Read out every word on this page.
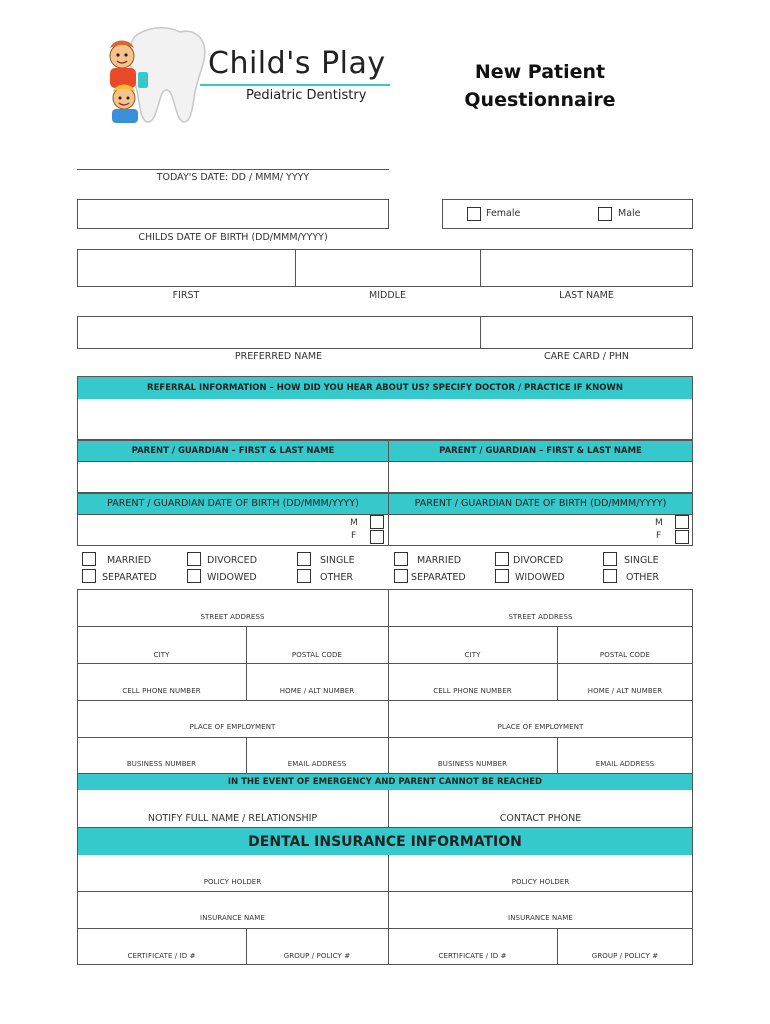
Child's Play
Pediatric Dentistry
New Patient
Questionnaire
TODAY'S DATE: DD / MMM/ YYYY
CHILDS DATE OF BIRTH (DD/MMM/YYYY)
Female	Male
FIRST	MIDDLE	LAST NAME
PREFERRED NAME	CARE CARD / PHN
REFERRAL INFORMATION – HOW DID YOU HEAR ABOUT US? SPECIFY DOCTOR / PRACTICE IF KNOWN
PARENT / GUARDIAN – FIRST & LAST NAME	PARENT / GUARDIAN – FIRST & LAST NAME
PARENT / GUARDIAN DATE OF BIRTH (DD/MMM/YYYY)	PARENT / GUARDIAN DATE OF BIRTH (DD/MMM/YYYY)
M
F
M
F
MARRIED
SEPARATED
DIVORCED
WIDOWED
SINGLE
OTHER
MARRIED
SEPARATED
DIVORCED
WIDOWED
SINGLE
OTHER
STREET ADDRESS	STREET ADDRESS
CITY	POSTAL CODE	CITY	POSTAL CODE
CELL PHONE NUMBER	HOME / ALT NUMBER	CELL PHONE NUMBER	HOME / ALT NUMBER
PLACE OF EMPLOYMENT	PLACE OF EMPLOYMENT
BUSINESS NUMBER	EMAIL ADDRESS	BUSINESS NUMBER	EMAIL ADDRESS
IN THE EVENT OF EMERGENCY AND PARENT CANNOT BE REACHED
NOTIFY FULL NAME / RELATIONSHIP	CONTACT PHONE
DENTAL INSURANCE INFORMATION
POLICY HOLDER	POLICY HOLDER
INSURANCE NAME	INSURANCE NAME
CERTIFICATE / ID #	GROUP / POLICY #	CERTIFICATE / ID #	GROUP / POLICY #
